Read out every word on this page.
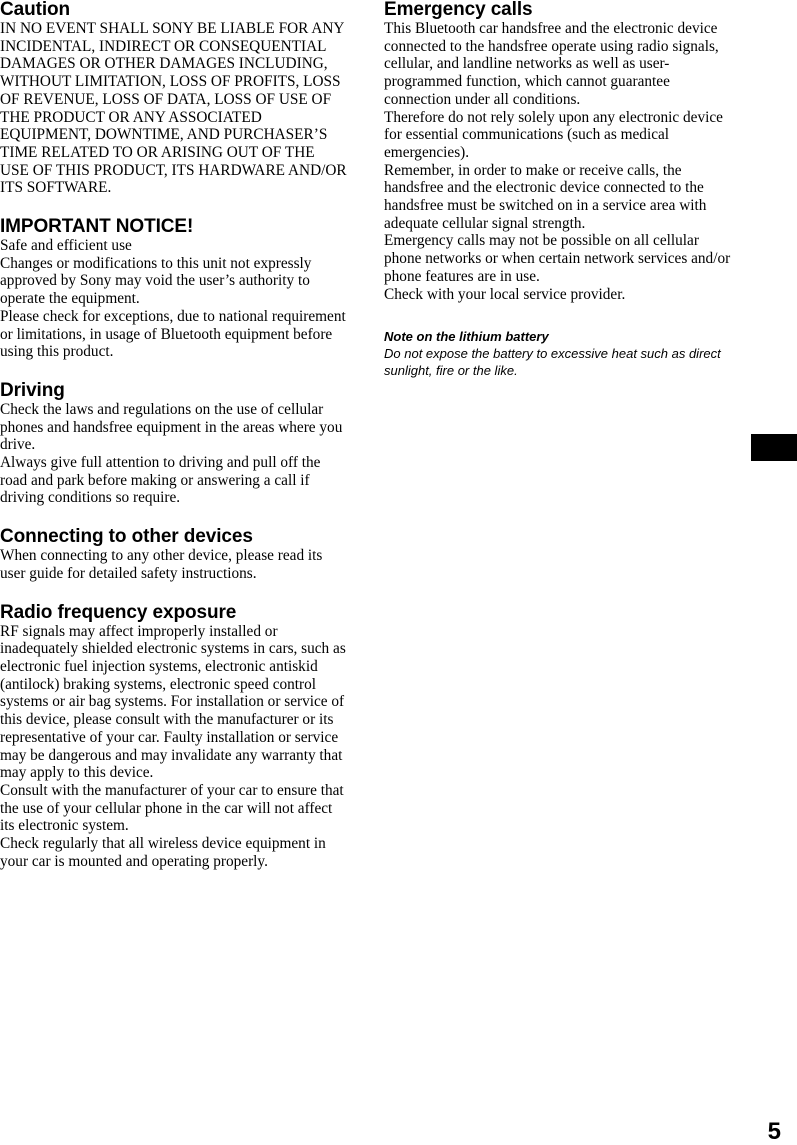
Caution

IN NO EVENT SHALL SONY BE LIABLE FOR ANY INCIDENTAL, INDIRECT OR CONSEQUENTIAL DAMAGES OR OTHER DAMAGES INCLUDING, WITHOUT LIMITATION, LOSS OF PROFITS, LOSS OF REVENUE, LOSS OF DATA, LOSS OF USE OF THE PRODUCT OR ANY ASSOCIATED EQUIPMENT, DOWNTIME, AND PURCHASER’S TIME RELATED TO OR ARISING OUT OF THE USE OF THIS PRODUCT, ITS HARDWARE AND/OR ITS SOFTWARE.

IMPORTANT NOTICE!

Safe and efficient use

Changes or modifications to this unit not expressly approved by Sony may void the user’s authority to operate the equipment.

Please check for exceptions, due to national requirement or limitations, in usage of Bluetooth equipment before using this product.

Driving

Check the laws and regulations on the use of cellular phones and handsfree equipment in the areas where you drive.

Always give full attention to driving and pull off the road and park before making or answering a call if driving conditions so require.

Connecting to other devices

When connecting to any other device, please read its user guide for detailed safety instructions.

Radio frequency exposure

RF signals may affect improperly installed or inadequately shielded electronic systems in cars, such as electronic fuel injection systems, electronic antiskid (antilock) braking systems, electronic speed control systems or air bag systems. For installation or service of this device, please consult with the manufacturer or its representative of your car. Faulty installation or service may be dangerous and may invalidate any warranty that may apply to this device.

Consult with the manufacturer of your car to ensure that the use of your cellular phone in the car will not affect its electronic system.

Check regularly that all wireless device equipment in your car is mounted and operating properly.

Emergency calls

This Bluetooth car handsfree and the electronic device connected to the handsfree operate using radio signals, cellular, and landline networks as well as user-programmed function, which cannot guarantee connection under all conditions.

Therefore do not rely solely upon any electronic device for essential communications (such as medical emergencies).

Remember, in order to make or receive calls, the handsfree and the electronic device connected to the handsfree must be switched on in a service area with adequate cellular signal strength.

Emergency calls may not be possible on all cellular phone networks or when certain network services and/or phone features are in use.

Check with your local service provider.

Note on the lithium battery

Do not expose the battery to excessive heat such as direct sunlight, fire or the like.

5
